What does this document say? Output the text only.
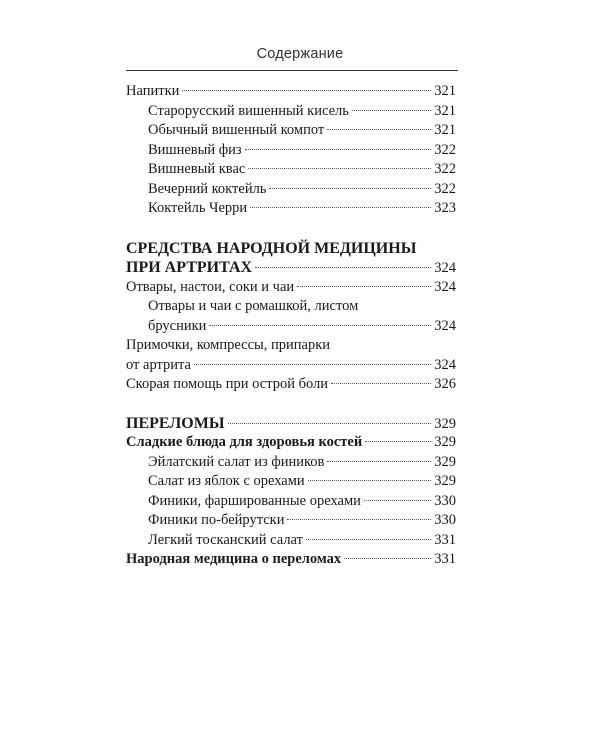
Содержание
Напитки	321
Старорусский вишенный кисель	321
Обычный вишенный компот	321
Вишневый физ	322
Вишневый квас	322
Вечерний коктейль	322
Коктейль Черри	323
СРЕДСТВА НАРОДНОЙ МЕДИЦИНЫ
ПРИ АРТРИТАХ	324
Отвары, настои, соки и чаи	324
Отвары и чаи с ромашкой, листом
брусники	324
Примочки, компрессы, припарки
от артрита	324
Скорая помощь при острой боли	326
ПЕРЕЛОМЫ	329
Сладкие блюда для здоровья костей	329
Эйлатский салат из фиников	329
Салат из яблок с орехами	329
Финики, фаршированные орехами	330
Финики по-бейрутски	330
Легкий тосканский салат	331
Народная медицина о переломах	331
